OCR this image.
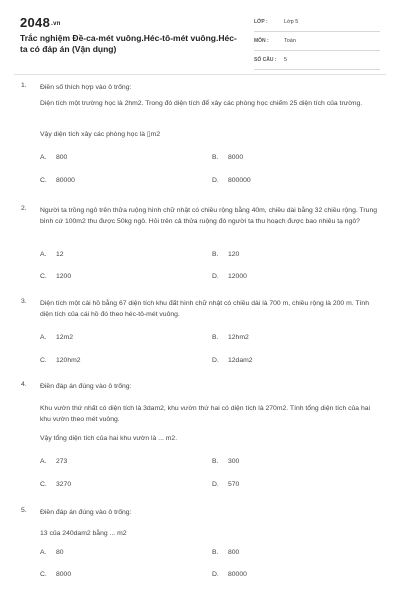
2048.vn
Trắc nghiệm Đề-ca-mét vuông.Héc-tô-mét vuông.Héc-ta có đáp án (Vận dụng)
LỚP :	Lớp 5
MÔN :	Toán
SỐ CÂU : 5
1. Điền số thích hợp vào ô trống:
Diện tích một trường học là 2hm2. Trong đó diện tích để xây các phòng học chiếm 25 diện tích của trường.
Vậy diện tích xây các phòng học là ▯m2
A. 800	B. 8000
C. 80000	D. 800000
2. Người ta trồng ngô trên thửa ruộng hình chữ nhật có chiều rộng bằng 40m, chiều dài bằng 32 chiều rộng. Trung bình cứ 100m2 thu được 50kg ngô. Hỏi trên cả thửa ruộng đó người ta thu hoạch được bao nhiêu tạ ngô?
A. 12	B. 120
C. 1200	D. 12000
3. Diện tích một cái hồ bằng 67 diện tích khu đất hình chữ nhật có chiều dài là 700 m, chiều rộng là 200 m. Tính diện tích của cái hồ đó theo héc-tô-mét vuông.
A. 12m2	B. 12hm2
C. 120hm2	D. 12dam2
4. Điền đáp án đúng vào ô trống:
Khu vườn thứ nhất có diện tích là 3dam2, khu vườn thứ hai có diện tích là 270m2. Tính tổng diện tích của hai khu vườn theo mét vuông.
Vậy tổng diện tích của hai khu vườn là ... m2.
A. 273	B. 300
C. 3270	D. 570
5. Điền đáp án đúng vào ô trống:
13 của 240dam2 bằng ... m2
A. 80	B. 800
C. 8000	D. 80000
